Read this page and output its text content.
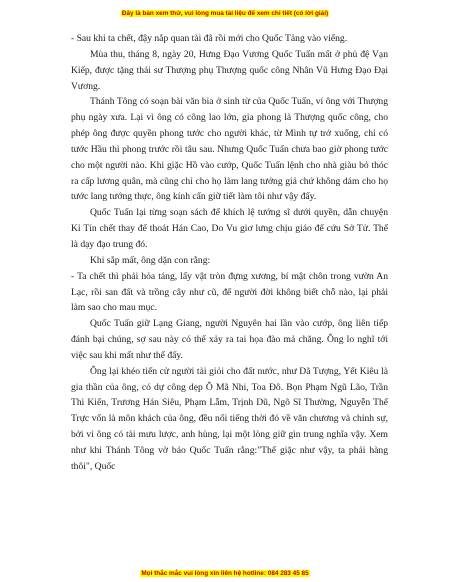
Đây là bản xem thử, vui lòng mua tài liệu để xem chi tiết (có lời giải)

- Sau khi ta chết, đậy nắp quan tài đã rồi mới cho Quốc Tảng vào viếng.

Mùa thu, tháng 8, ngày 20, Hưng Đạo Vương Quốc Tuấn mất ở phủ đệ Vạn Kiếp, được tặng thái sư Thượng phụ Thượng quốc công Nhân Vũ Hưng Đạo Đại Vương.

Thánh Tông có soạn bài văn bia ở sinh từ của Quốc Tuấn, ví ông với Thượng phụ ngày xưa. Lại vì ông có công lao lớn, gia phong là Thượng quốc công, cho phép ông được quyền phong tước cho người khác, từ Minh tự trở xuống, chỉ có tước Hầu thì phong trước rồi tâu sau. Nhưng Quốc Tuấn chưa bao giờ phong tước cho một người nào. Khi giặc Hồ vào cướp, Quốc Tuấn lệnh cho nhà giàu bỏ thóc ra cấp lương quân, mà cũng chỉ cho họ làm lang tướng giả chứ không dám cho họ tước lang tướng thực, ông kính cẩn giữ tiết làm tôi như vậy đấy.

Quốc Tuấn lại từng soạn sách để khích lệ tướng sĩ dưới quyền, dẫn chuyện Kỉ Tín chết thay để thoát Hán Cao, Do Vu giơ lưng chịu giáo để cứu Sở Tử. Thế là dạy đạo trung đó.

Khi sắp mất, ông dặn con rằng:

- Ta chết thì phải hỏa táng, lấy vật tròn đựng xương, bí mật chôn trong vườn An Lạc, rồi san đất và trồng cây như cũ, để người đời không biết chỗ nào, lại phải làm sao cho mau mục.

Quốc Tuấn giữ Lạng Giang, người Nguyên hai lần vào cướp, ông liên tiếp đánh bại chúng, sợ sau này có thể xảy ra tai họa đào mả chăng. Ông lo nghĩ tới việc sau khi mất như thế đấy.

Ông lại khéo tiến cử người tài giỏi cho đất nước, như Dã Tượng, Yết Kiêu là gia thần của ông, có dự công dẹp Ô Mã Nhi, Toa Đô. Bọn Phạm Ngũ Lão, Trần Thì Kiến, Trương Hán Siêu, Phạm Lẫm, Trịnh Dũ, Ngô Sĩ Thường, Nguyễn Thế Trực vốn là môn khách của ông, đều nổi tiếng thời đó về văn chương và chính sự, bởi vì ông có tài mưu lược, anh hùng, lại một lòng giữ gìn trung nghĩa vậy. Xem như khi Thánh Tông vờ bảo Quốc Tuấn rằng:"Thế giặc như vậy, ta phải hàng thôi", Quốc

Mọi thắc mắc vui lòng xin liên hệ hotline: 084 283 45 85
